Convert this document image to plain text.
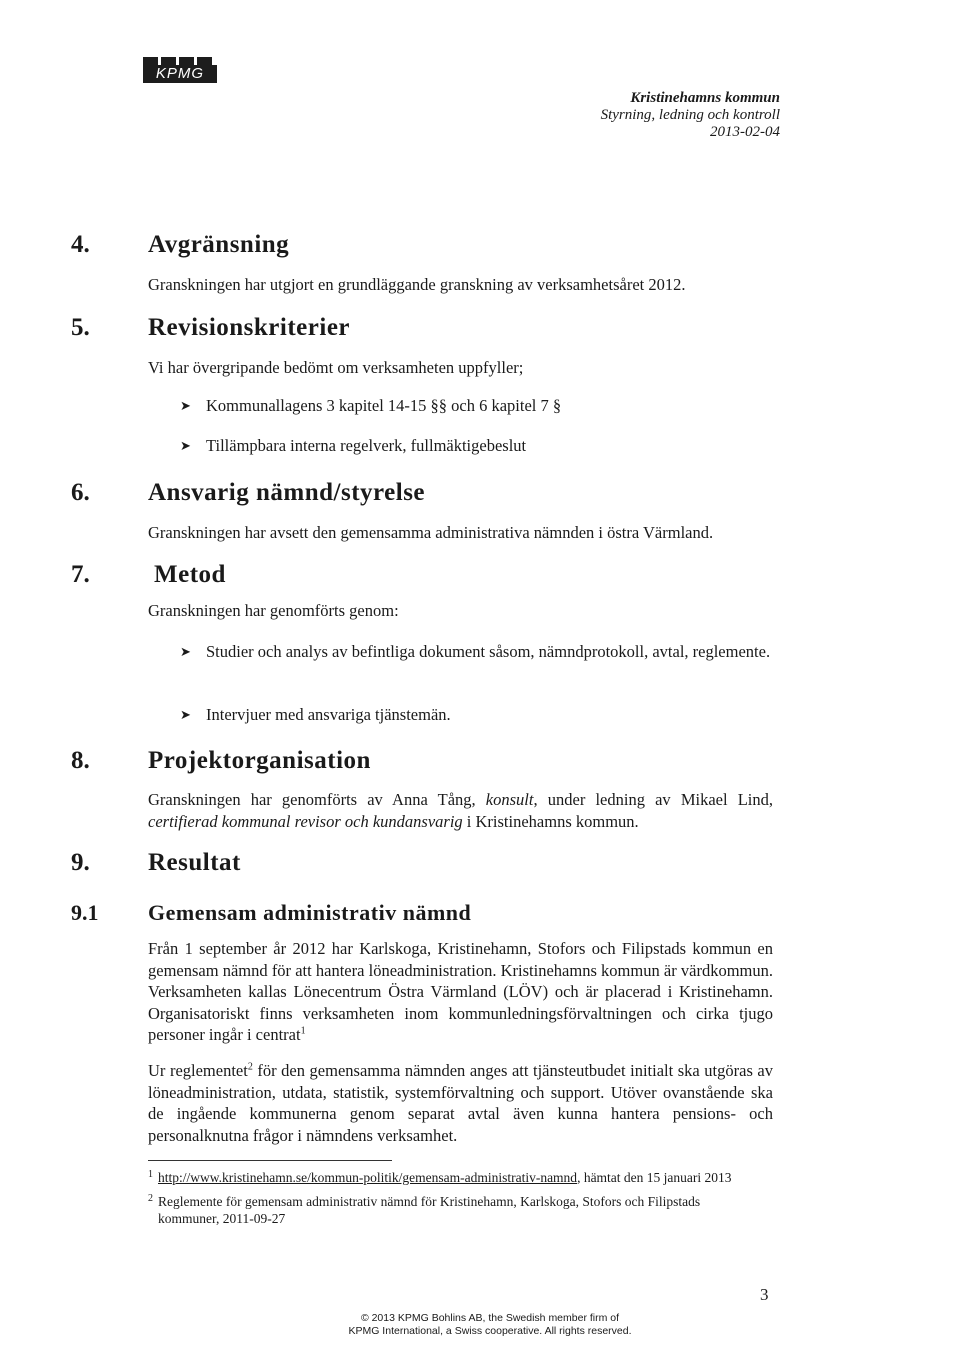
KPMG
Kristinehamns kommun
Styrning, ledning och kontroll
2013-02-04
4. Avgränsning
Granskningen har utgjort en grundläggande granskning av verksamhetsåret 2012.
5. Revisionskriterier
Vi har övergripande bedömt om verksamheten uppfyller;
➤ Kommunallagens 3 kapitel 14-15 §§ och 6 kapitel 7 §
➤ Tillämpbara interna regelverk, fullmäktigebeslut
6. Ansvarig nämnd/styrelse
Granskningen har avsett den gemensamma administrativa nämnden i östra Värmland.
7.	Metod
Granskningen har genomförts genom:
➤ Studier och analys av befintliga dokument såsom, nämndprotokoll, avtal, reglemente.
➤ Intervjuer med ansvariga tjänstemän.
8. Projektorganisation
Granskningen har genomförts av Anna Tång, konsult, under ledning av Mikael Lind, certifierad kommunal revisor och kundansvarig i Kristinehamns kommun.
9. Resultat
9.1 Gemensam administrativ nämnd
Från 1 september år 2012 har Karlskoga, Kristinehamn, Stofors och Filipstads kommun en gemensam nämnd för att hantera löneadministration. Kristinehamns kommun är värdkommun. Verksamheten kallas Lönecentrum Östra Värmland (LÖV) och är placerad i Kristinehamn. Organisatoriskt finns verksamheten inom kommunledningsförvaltningen och cirka tjugo personer ingår i centrat$^1$
Ur reglementet$^2$ för den gemensamma nämnden anges att tjänsteutbudet initialt ska utgöras av löneadministration, utdata, statistik, systemförvaltning och support. Utöver ovanstående ska de ingående kommunerna genom separat avtal även kunna hantera pensions- och personalknutna frågor i nämndens verksamhet.
1 http://www.kristinehamn.se/kommun-politik/gemensam-administrativ-namnd, hämtat den 15 januari 2013
2 Reglemente för gemensam administrativ nämnd för Kristinehamn, Karlskoga, Stofors och Filipstads kommuner, 2011-09-27
3
© 2013 KPMG Bohlins AB, the Swedish member firm of
KPMG International, a Swiss cooperative. All rights reserved.
